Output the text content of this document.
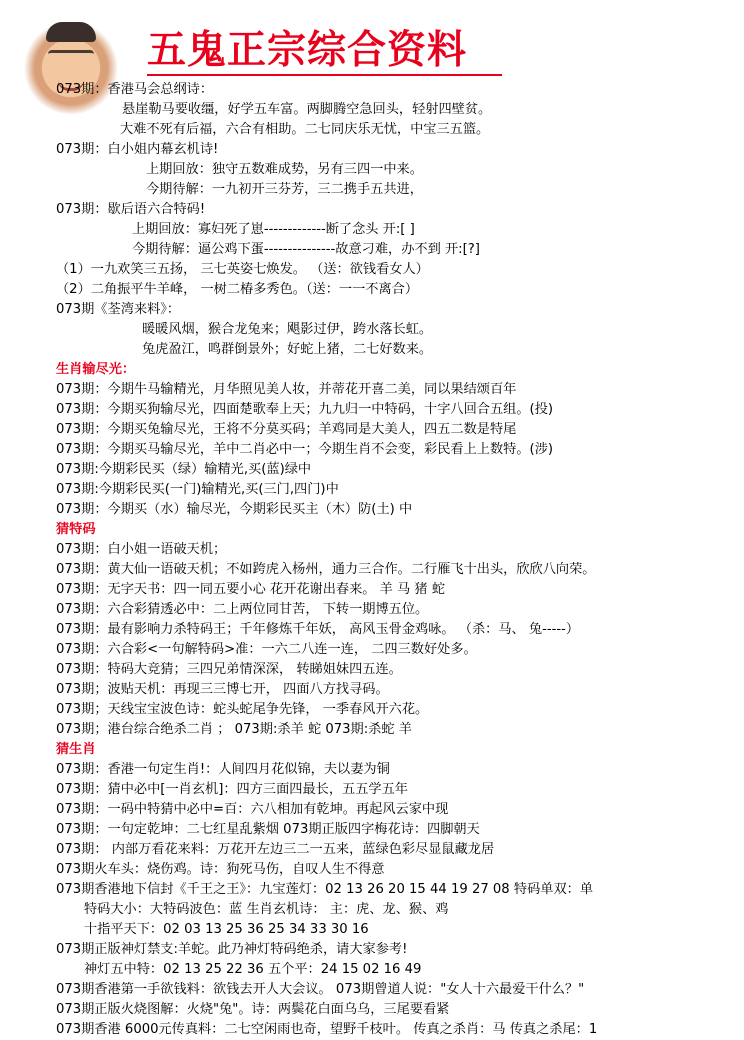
五鬼正宗综合资料
073期：香港马会总纲诗：
悬崖勒马要收缰，好学五车富。两脚腾空急回头，轻射四壁贫。
大难不死有后福，六合有相助。二七同庆乐无忧，中宝三五篮。
073期：白小姐内幕玄机诗!
上期回放：独守五数难成势，另有三四一中来。
今期待解：一九初开三芬芳，三二携手五共进，
073期：歇后语六合特码!
上期回放：寡妇死了崽-------------断了念头 开:[ ]
今期待解：逼公鸡下蛋---------------故意刁难，办不到 开:[?]
（1）一九欢笑三五扬， 三七英姿七焕发。 （送：欲钱看女人）
（2）二角振平牛羊峰， 一树二椿多秀色。（送：一一不离合）
073期《荃湾来料》：
暖暖风烟，猴合龙兔来；飓影过伊，跨水落长虹。
兔虎盈江，鸣群倒景外；好蛇上猪，二七好数来。
生肖输尽光：
073期：今期牛马输精光，月华照见美人妆，并蒂花开喜二美，同以果结颂百年
073期：今期买狗输尽光，四面楚歌奉上天；九九归一中特码，十字八回合五组。(投)
073期：今期买兔输尽光，王将不分莫买码；羊鸡同是大美人，四五二数是特尾
073期：今期买马输尽光，羊中二肖必中一；今期生肖不会变，彩民看上上数特。(涉)
073期:今期彩民买（绿）输精光,买(蓝)绿中
073期:今期彩民买(一门)输精光,买(三门,四门)中
073期：今期买（水）输尽光，今期彩民买主（木）防(土) 中
猜特码
073期：白小姐一语破天机；
073期：黄大仙一语破天机；不如跨虎入杨州，通力三合作。二行雁飞十出头，欣欣八向荣。
073期：无字天书：四一同五要小心 花开花谢出春来。 羊 马 猪 蛇
073期：六合彩猜透必中：二上两位同甘苦， 下转一期博五位。
073期：最有影响力杀特码王；千年修炼千年妖， 高风玉骨金鸡咏。 （杀：马、 兔-----）
073期：六合彩<一句解特码>准：一六二八连一连， 二四三数好处多。
073期：特码大竞猜；三四兄弟情深深， 转睇姐妹四五连。
073期；波贴天机：再现三三博七开， 四面八方找寻码。
073期；天线宝宝波色诗：蛇头蛇尾争先锋， 一季春风开六花。
073期；港台综合绝杀二肖 ； 073期:杀羊 蛇 073期:杀蛇 羊
猜生肖
073期：香港一句定生肖!：人间四月花似锦，夫以妻为铜
073期：猜中必中[一肖玄机]：四方三面四最长，五五学五年
073期：一码中特猜中必中=百：六八相加有乾坤。再起风云家中现
073期：一句定乾坤：二七红星乱紫烟 073期正版四字梅花诗：四脚朝天
073期： 内部万看花来料：万花开左边三二一五来，蓝绿色彩尽显鼠藏龙居
073期火车头：烧伤鸡。诗：狗死马伤，自叹人生不得意
073期香港地下信封《千王之王》：九宝莲灯：02 13 26 20 15 44 19 27 08 特码单双：单
特码大小：大特码波色：蓝 生肖玄机诗： 主：虎、龙、猴、鸡
十指平天下：02 03 13 25 36 25 34 33 30 16
073期正版神灯禁支:羊蛇。此乃神灯特码绝杀，请大家参考!
神灯五中特：02 13 25 22 36 五个平：24 15 02 16 49
073期香港第一手欲钱料：欲钱去开人大会议。 073期曾道人说："女人十六最爱干什么？"
073期正版火烧图解：火烧"兔"。诗：两鬓花白面乌乌，三尾要看紧
073期香港 6000元传真料：二七空闲雨也奇，望野千枝叶。 传真之杀肖：马 传真之杀尾：1
